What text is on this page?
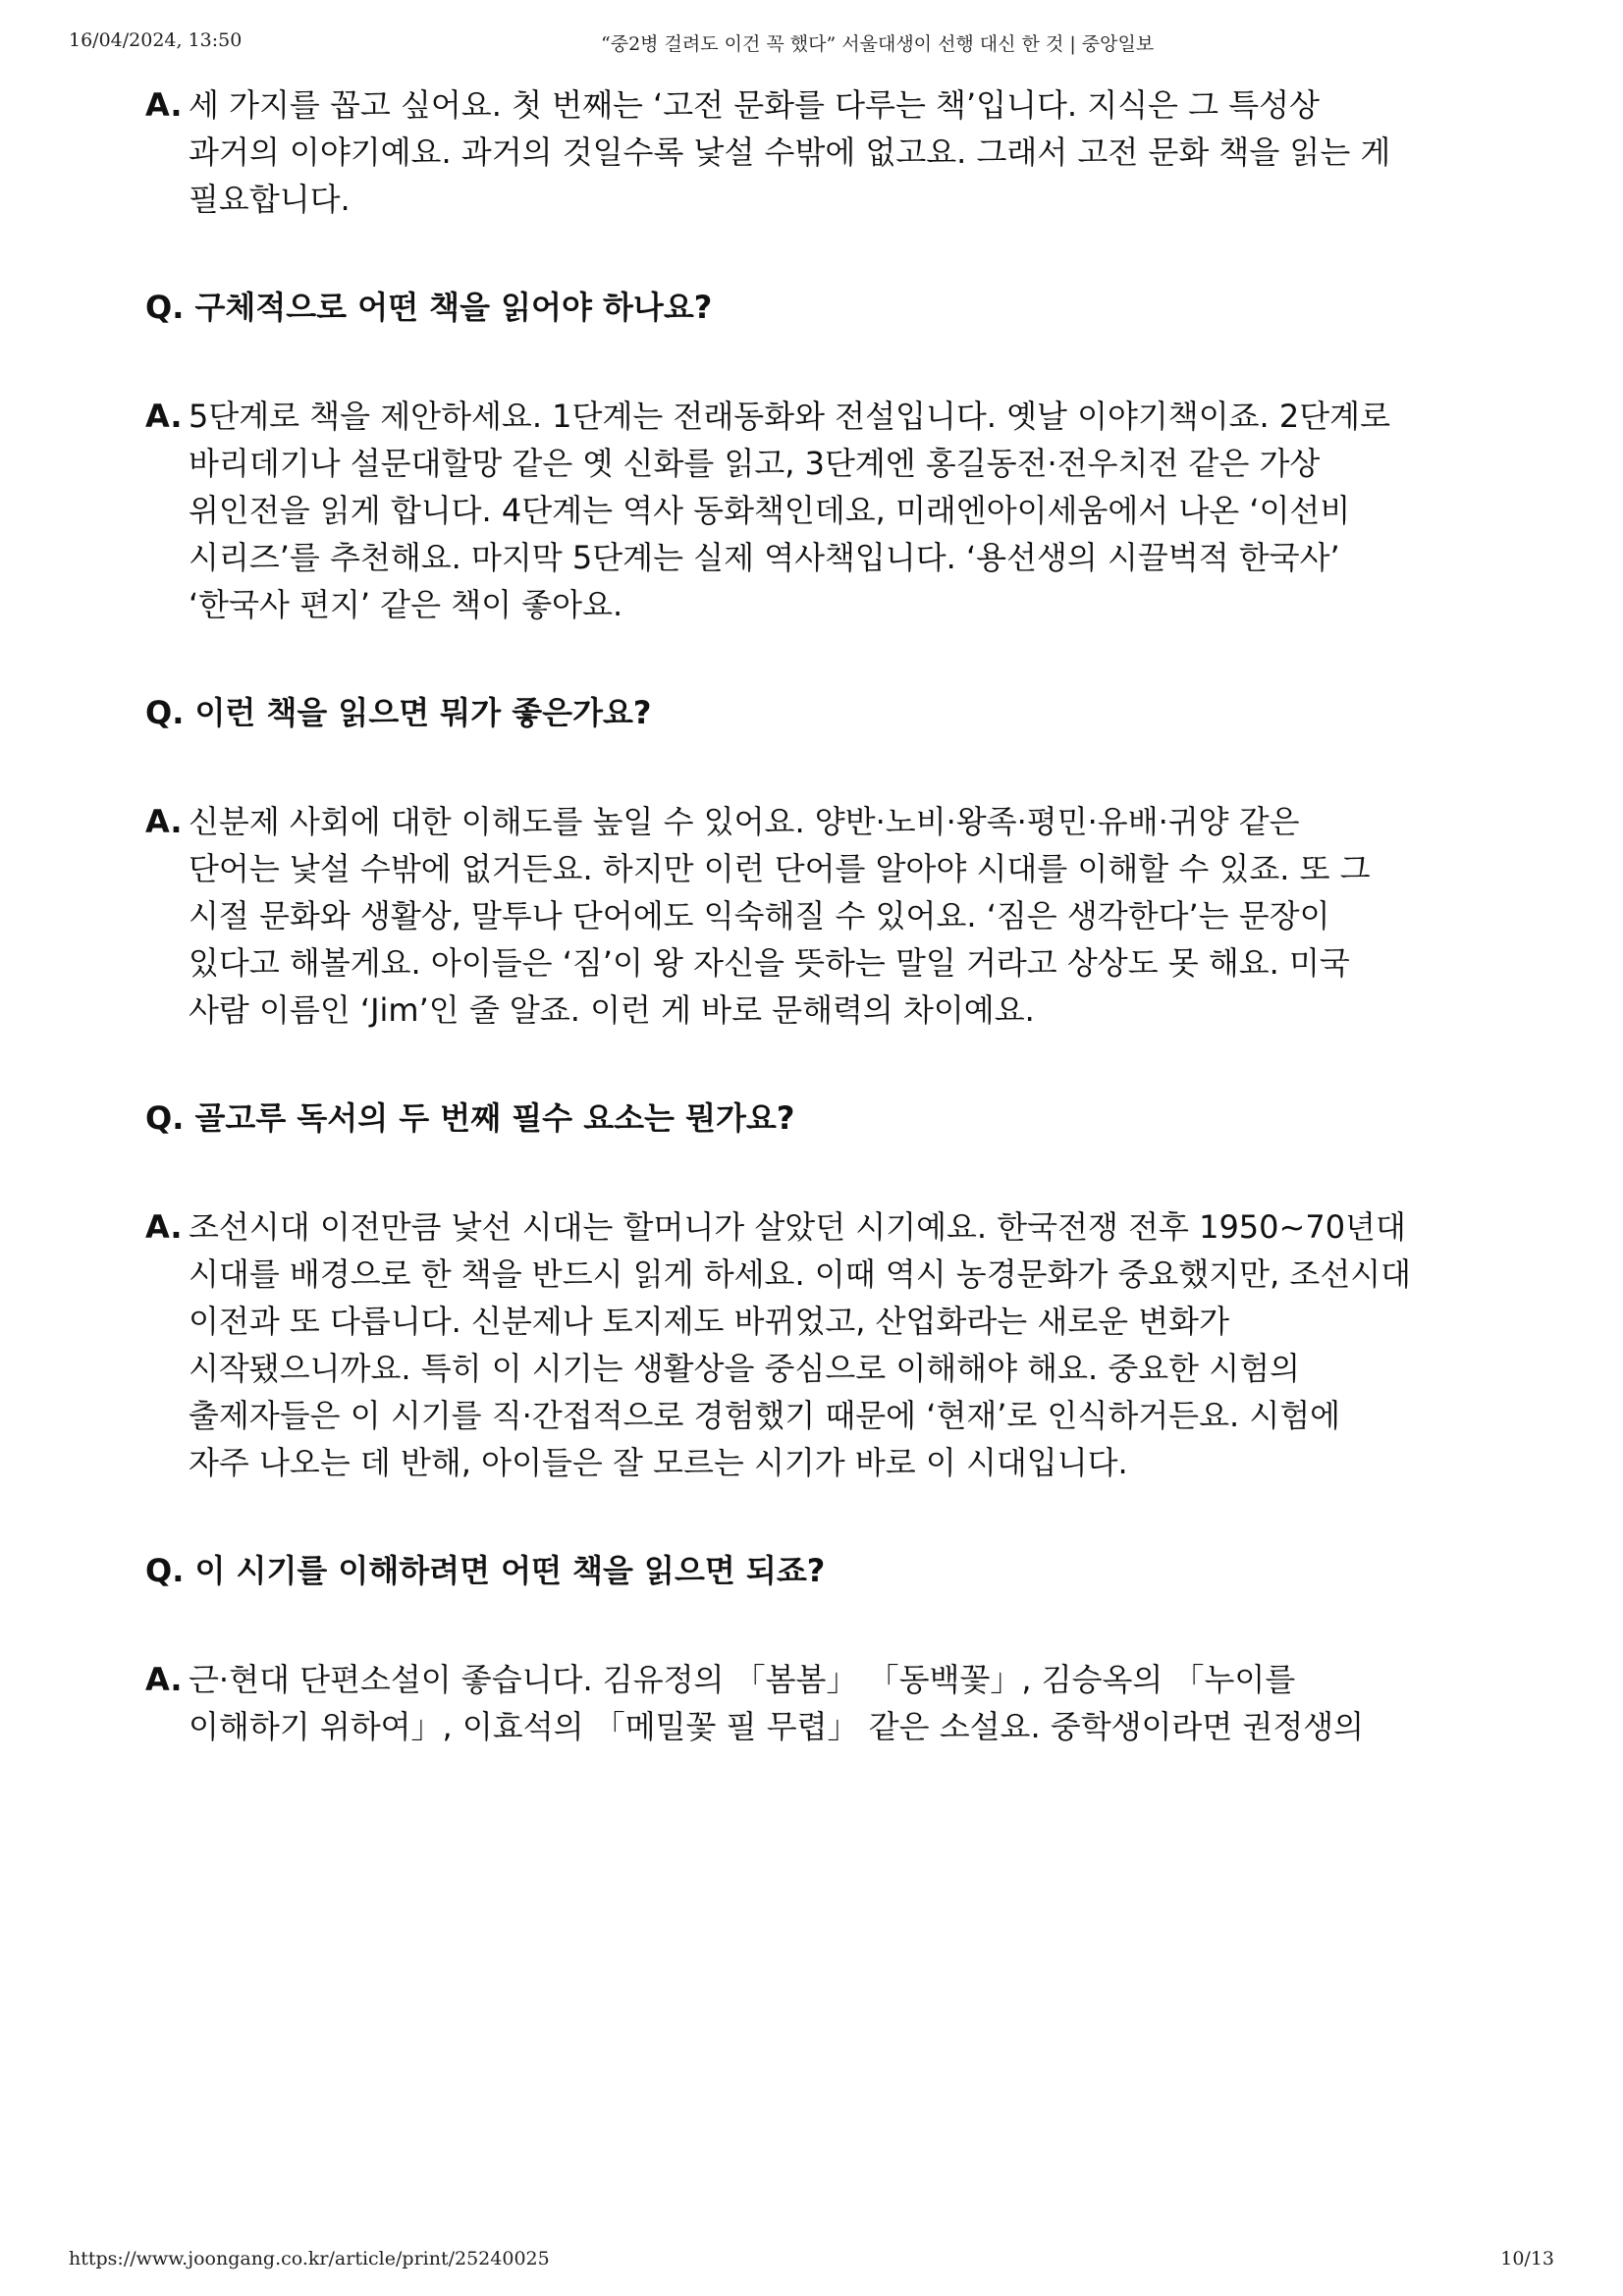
16/04/2024, 13:50	“중2병 걸려도 이건 꼭 했다” 서울대생이 선행 대신 한 것 | 중앙일보
A. 세 가지를 꼽고 싶어요. 첫 번째는 ‘고전 문화를 다루는 책’입니다. 지식은 그 특성상
과거의 이야기예요. 과거의 것일수록 낯설 수밖에 없고요. 그래서 고전 문화 책을 읽는 게
필요합니다.
Q. 구체적으로 어떤 책을 읽어야 하나요?
A. 5단계로 책을 제안하세요. 1단계는 전래동화와 전설입니다. 옛날 이야기책이죠. 2단계로
바리데기나 설문대할망 같은 옛 신화를 읽고, 3단계엔 홍길동전·전우치전 같은 가상
위인전을 읽게 합니다. 4단계는 역사 동화책인데요, 미래엔아이세움에서 나온 ‘이선비
시리즈’를 추천해요. 마지막 5단계는 실제 역사책입니다. ‘용선생의 시끌벅적 한국사’
‘한국사 편지’ 같은 책이 좋아요.
Q. 이런 책을 읽으면 뭐가 좋은가요?
A. 신분제 사회에 대한 이해도를 높일 수 있어요. 양반·노비·왕족·평민·유배·귀양 같은
단어는 낯설 수밖에 없거든요. 하지만 이런 단어를 알아야 시대를 이해할 수 있죠. 또 그
시절 문화와 생활상, 말투나 단어에도 익숙해질 수 있어요. ‘짐은 생각한다’는 문장이
있다고 해볼게요. 아이들은 ‘짐’이 왕 자신을 뜻하는 말일 거라고 상상도 못 해요. 미국
사람 이름인 ‘Jim’인 줄 알죠. 이런 게 바로 문해력의 차이예요.
Q. 골고루 독서의 두 번째 필수 요소는 뭔가요?
A. 조선시대 이전만큼 낯선 시대는 할머니가 살았던 시기예요. 한국전쟁 전후 1950~70년대
시대를 배경으로 한 책을 반드시 읽게 하세요. 이때 역시 농경문화가 중요했지만, 조선시대
이전과 또 다릅니다. 신분제나 토지제도 바뀌었고, 산업화라는 새로운 변화가
시작됐으니까요. 특히 이 시기는 생활상을 중심으로 이해해야 해요. 중요한 시험의
출제자들은 이 시기를 직·간접적으로 경험했기 때문에 ‘현재’로 인식하거든요. 시험에
자주 나오는 데 반해, 아이들은 잘 모르는 시기가 바로 이 시대입니다.
Q. 이 시기를 이해하려면 어떤 책을 읽으면 되죠?
A. 근·현대 단편소설이 좋습니다. 김유정의 「봄봄」 「동백꽃」, 김승옥의 「누이를
이해하기 위하여」, 이효석의 「메밀꽃 필 무렵」 같은 소설요. 중학생이라면 권정생의
https://www.joongang.co.kr/article/print/25240025	10/13
